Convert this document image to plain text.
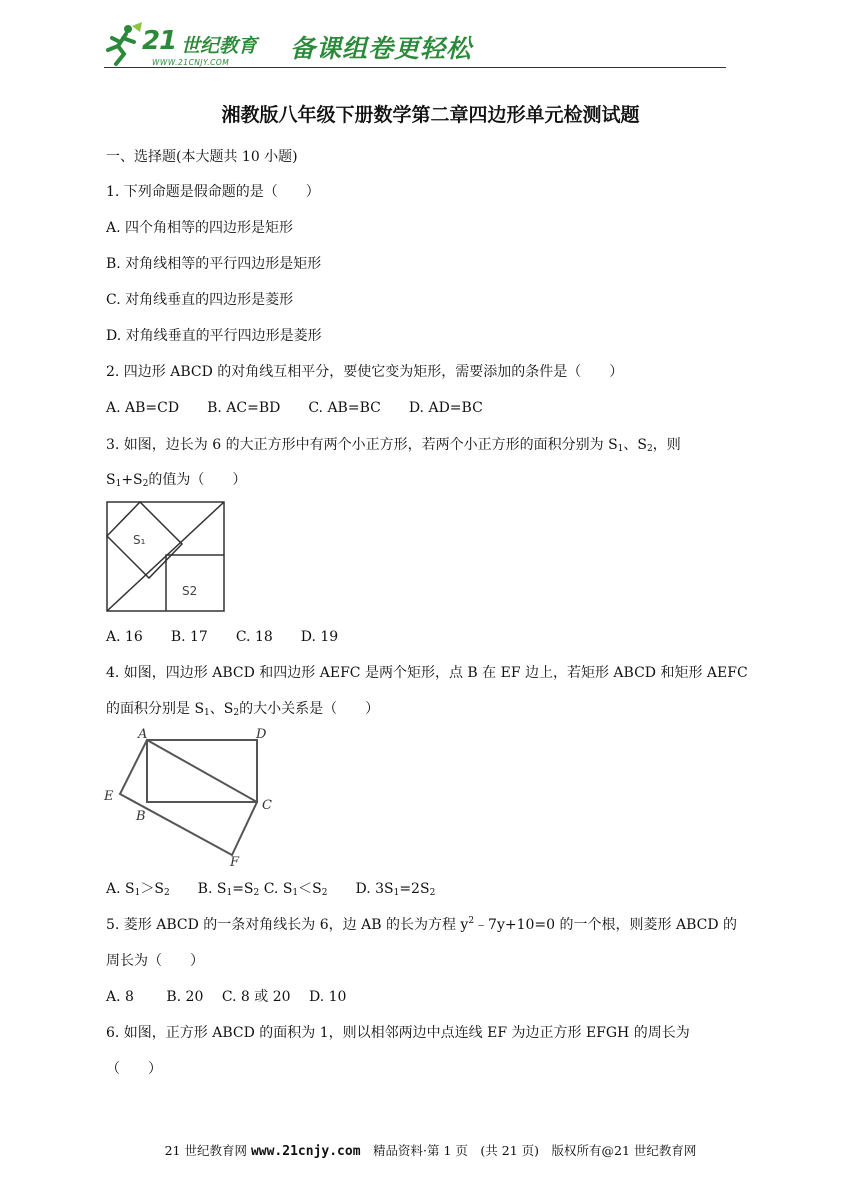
21 世纪教育
WWW.21CNJY.COM 备课组卷更轻松
湘教版八年级下册数学第二章四边形单元检测试题
一、选择题(本大题共 10 小题)
1. 下列命题是假命题的是（　　）
A. 四个角相等的四边形是矩形
B. 对角线相等的平行四边形是矩形
C. 对角线垂直的四边形是菱形
D. 对角线垂直的平行四边形是菱形
2. 四边形 ABCD 的对角线互相平分，要使它变为矩形，需要添加的条件是（　　）
A. AB=CD　　B. AC=BD　　C. AB=BC　　D. AD=BC
3. 如图，边长为 6 的大正方形中有两个小正方形，若两个小正方形的面积分别为 $S_1$、$S_2$，则
$S_1+S_2$的值为（　　）
S₁
S2
A. 16　　B. 17　　C. 18　　D. 19
4. 如图，四边形 ABCD 和四边形 AEFC 是两个矩形，点 B 在 EF 边上，若矩形 ABCD 和矩形 AEFC
的面积分别是 $S_1$、$S_2$的大小关系是（　　）
A	D
E
B
C
F
A. $S_1>S_2$　　B. $S_1=S_2$ C. $S_1<S_2$　　D. $3S_1=2S_2$
5. 菱形 ABCD 的一条对角线长为 6，边 AB 的长为方程 $y^2﹣7y+10=0$ 的一个根，则菱形 ABCD 的
周长为（　　）
A. 8　　 B. 20　 C. 8 或 20　 D. 10
6. 如图，正方形 ABCD 的面积为 1，则以相邻两边中点连线 EF 为边正方形 EFGH 的周长为
（　　）
21 世纪教育网 www.21cnjy.com　精品资料·第 1 页　(共 21 页)　版权所有@21 世纪教育网
